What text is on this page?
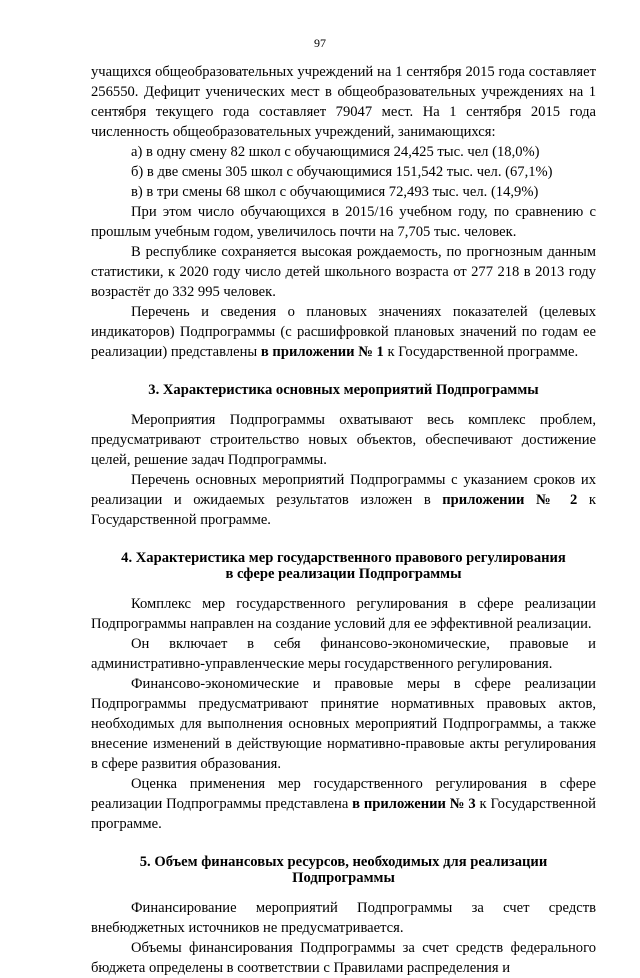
97

учащихся общеобразовательных учреждений на 1 сентября 2015 года составляет 256550. Дефицит ученических мест в общеобразовательных учреждениях на 1 сентября текущего года составляет 79047 мест. На 1 сентября 2015 года численность общеобразовательных учреждений, занимающихся:

а) в одну смену 82 школ с обучающимися 24,425 тыс. чел (18,0%)

б) в две смены 305 школ с обучающимися 151,542 тыс. чел. (67,1%)

в) в три смены 68 школ с обучающимися 72,493 тыс. чел. (14,9%)

При этом число обучающихся в 2015/16 учебном году, по сравнению с прошлым учебным годом, увеличилось почти на 7,705 тыс. человек.

В республике сохраняется высокая рождаемость, по прогнозным данным статистики, к 2020 году число детей школьного возраста от 277 218 в 2013 году возрастёт до 332 995 человек.

Перечень и сведения о плановых значениях показателей (целевых индикаторов) Подпрограммы (с расшифровкой плановых значений по годам ее реализации) представлены в приложении № 1 к Государственной программе.

3. Характеристика основных мероприятий Подпрограммы

Мероприятия Подпрограммы охватывают весь комплекс проблем, предусматривают строительство новых объектов, обеспечивают достижение целей, решение задач Подпрограммы.

Перечень основных мероприятий Подпрограммы с указанием сроков их реализации и ожидаемых результатов изложен в приложении № 2 к Государственной программе.

4. Характеристика мер государственного правового регулирования
в сфере реализации Подпрограммы

Комплекс мер государственного регулирования в сфере реализации Подпрограммы направлен на создание условий для ее эффективной реализации.

Он включает в себя финансово-экономические, правовые и административно-управленческие меры государственного регулирования.

Финансово-экономические и правовые меры в сфере реализации Подпрограммы предусматривают принятие нормативных правовых актов, необходимых для выполнения основных мероприятий Подпрограммы, а также внесение изменений в действующие нормативно-правовые акты регулирования в сфере развития образования.

Оценка применения мер государственного регулирования в сфере реализации Подпрограммы представлена в приложении № 3 к Государственной программе.

5. Объем финансовых ресурсов, необходимых для реализации
Подпрограммы

Финансирование мероприятий Подпрограммы за счет средств внебюджетных источников не предусматривается.

Объемы финансирования Подпрограммы за счет средств федерального бюджета определены в соответствии с Правилами распределения и
